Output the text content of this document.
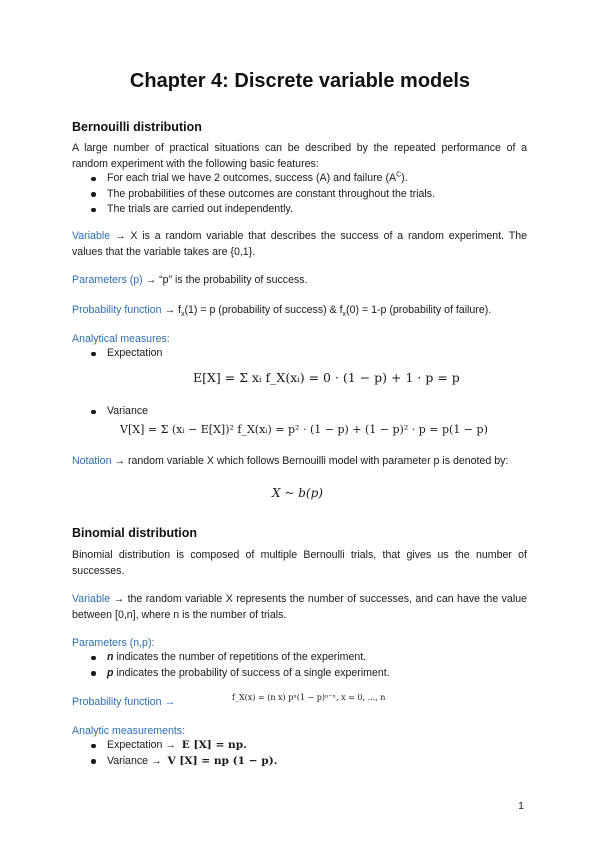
Chapter 4: Discrete variable models
Bernouilli distribution

A large number of practical situations can be described by the repeated performance of a random experiment with the following basic features:

For each trial we have 2 outcomes, success (A) and failure $(A^C)$.
The probabilities of these outcomes are constant throughout the trials.
The trials are carried out independently.

Variable → X is a random variable that describes the success of a random experiment. The values that the variable takes are {0,1}.

Parameters (p) → “p” is the probability of success.

Probability function → $f_x(1) = p$ (probability of success) & $f_x(0) = 1-p$ (probability of failure).

Analytical measures:

Expectation
E[X] = Σ xᵢ f_X(xᵢ) = 0 · (1 − p) + 1 · p = p
Variance
V[X] = Σ (xᵢ − E[X])² f_X(xᵢ) = p² · (1 − p) + (1 − p)² · p = p(1 − p)

Notation → random variable X which follows Bernouilli model with parameter p is denoted by:

X ~ b(p)
Binomial distribution

Binomial distribution is composed of multiple Bernoulli trials, that gives us the number of successes.

Variable → the random variable X represents the number of successes, and can have the value between [0,n], where n is the number of trials.

Parameters (n,p):

n indicates the number of repetitions of the experiment.
p indicates the probability of success of a single experiment.

Probability function →	f_X(x) = (n x) pˣ(1 − p)ⁿ⁻ˣ, x = 0, ..., n

Analytic measurements:

Expectation → E [X] = np.
Variance → V [X] = np (1 − p).
1
